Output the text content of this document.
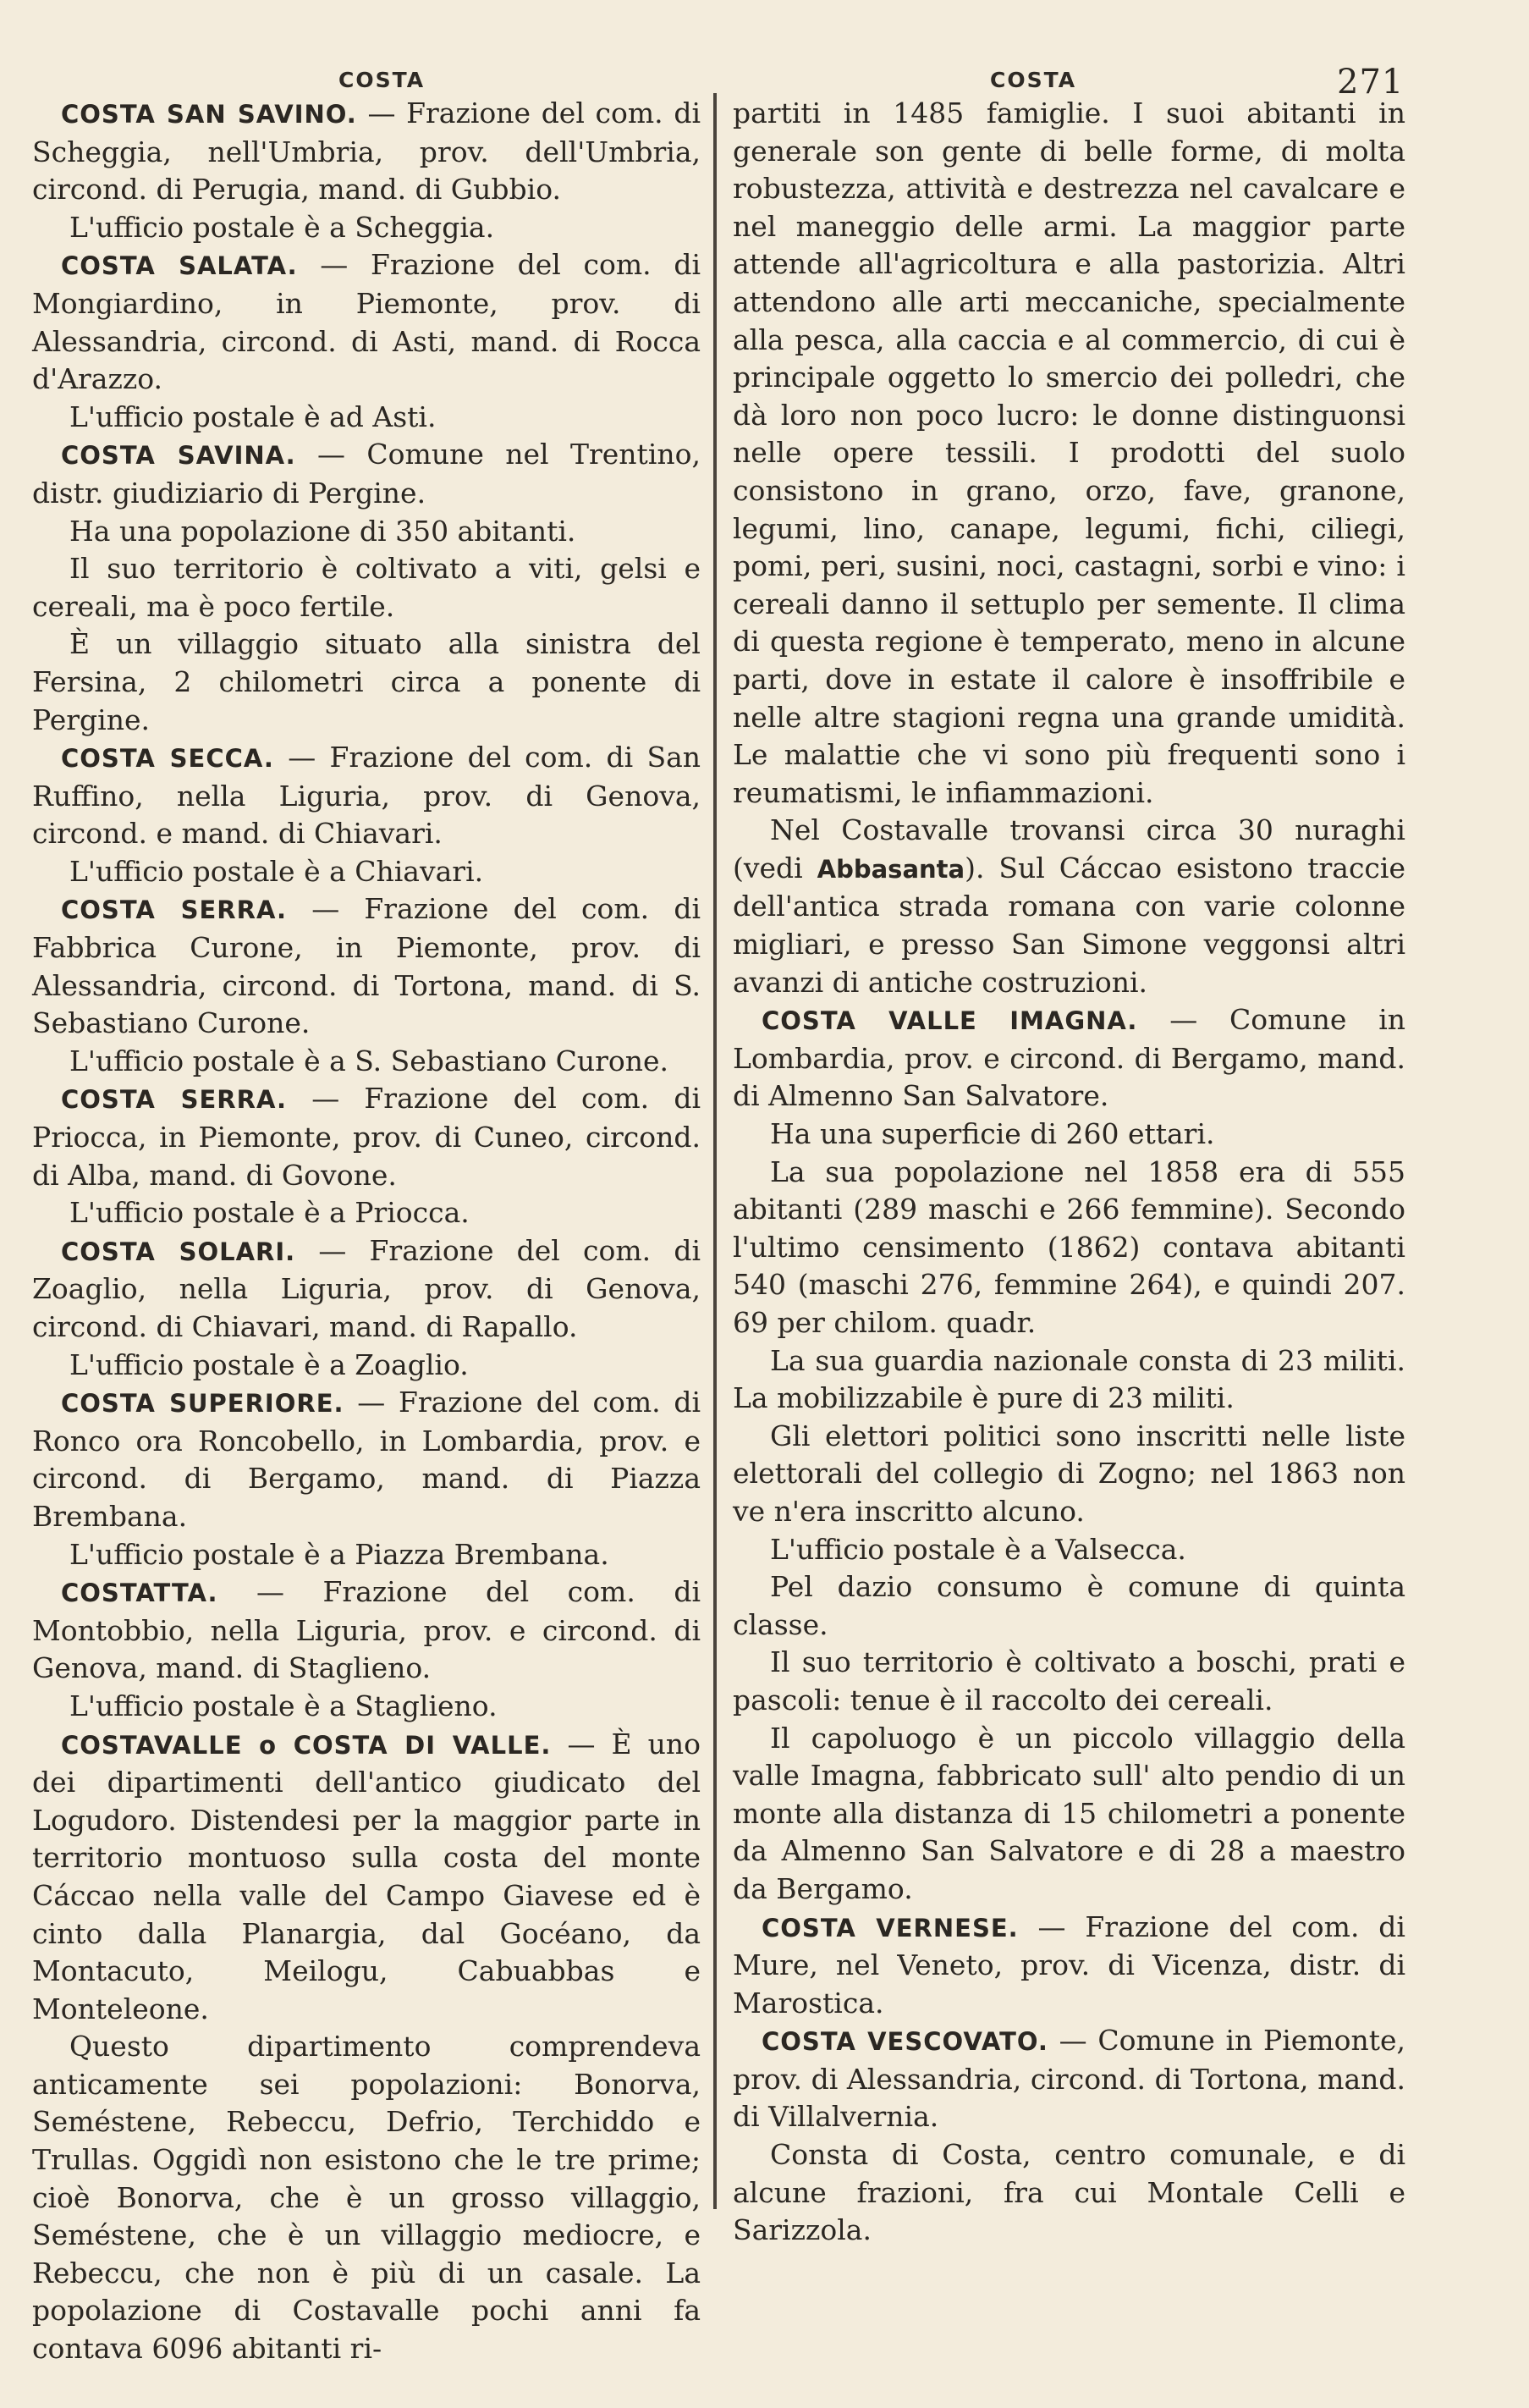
COSTA	COSTA	271

COSTA SAN SAVINO. — Frazione del com. di Scheggia, nell'Umbria, prov. dell'Umbria, circond. di Perugia, mand. di Gubbio.

L'ufficio postale è a Scheggia.

COSTA SALATA. — Frazione del com. di Mongiardino, in Piemonte, prov. di Alessandria, circond. di Asti, mand. di Rocca d'Arazzo.

L'ufficio postale è ad Asti.

COSTA SAVINA. — Comune nel Trentino, distr. giudiziario di Pergine.

Ha una popolazione di 350 abitanti.

Il suo territorio è coltivato a viti, gelsi e cereali, ma è poco fertile.

È un villaggio situato alla sinistra del Fersina, 2 chilometri circa a ponente di Pergine.

COSTA SECCA. — Frazione del com. di San Ruffino, nella Liguria, prov. di Genova, circond. e mand. di Chiavari.

L'ufficio postale è a Chiavari.

COSTA SERRA. — Frazione del com. di Fabbrica Curone, in Piemonte, prov. di Alessandria, circond. di Tortona, mand. di S. Sebastiano Curone.

L'ufficio postale è a S. Sebastiano Curone.

COSTA SERRA. — Frazione del com. di Priocca, in Piemonte, prov. di Cuneo, circond. di Alba, mand. di Govone.

L'ufficio postale è a Priocca.

COSTA SOLARI. — Frazione del com. di Zoaglio, nella Liguria, prov. di Genova, circond. di Chiavari, mand. di Rapallo.

L'ufficio postale è a Zoaglio.

COSTA SUPERIORE. — Frazione del com. di Ronco ora Roncobello, in Lombardia, prov. e circond. di Bergamo, mand. di Piazza Brembana.

L'ufficio postale è a Piazza Brembana.

COSTATTA. — Frazione del com. di Montobbio, nella Liguria, prov. e circond. di Genova, mand. di Staglieno.

L'ufficio postale è a Staglieno.

COSTAVALLE o COSTA DI VALLE. — È uno dei dipartimenti dell'antico giudicato del Logudoro. Distendesi per la maggior parte in territorio montuoso sulla costa del monte Cáccao nella valle del Campo Giavese ed è cinto dalla Planargia, dal Gocéano, da Montacuto, Meilogu, Cabuabbas e Monteleone.

Questo dipartimento comprendeva anticamente sei popolazioni: Bonorva, Seméstene, Rebeccu, Defrio, Terchiddo e Trullas. Oggidì non esistono che le tre prime; cioè Bonorva, che è un grosso villaggio, Seméstene, che è un villaggio mediocre, e Rebeccu, che non è più di un casale. La popolazione di Costavalle pochi anni fa contava 6096 abitanti ri-

partiti in 1485 famiglie. I suoi abitanti in generale son gente di belle forme, di molta robustezza, attività e destrezza nel cavalcare e nel maneggio delle armi. La maggior parte attende all'agricoltura e alla pastorizia. Altri attendono alle arti meccaniche, specialmente alla pesca, alla caccia e al commercio, di cui è principale oggetto lo smercio dei polledri, che dà loro non poco lucro: le donne distinguonsi nelle opere tessili. I prodotti del suolo consistono in grano, orzo, fave, granone, legumi, lino, canape, legumi, fichi, ciliegi, pomi, peri, susini, noci, castagni, sorbi e vino: i cereali danno il settuplo per semente. Il clima di questa regione è temperato, meno in alcune parti, dove in estate il calore è insoffribile e nelle altre stagioni regna una grande umidità. Le malattie che vi sono più frequenti sono i reumatismi, le infiammazioni.

Nel Costavalle trovansi circa 30 nuraghi (vedi Abbasanta). Sul Cáccao esistono traccie dell'antica strada romana con varie colonne migliari, e presso San Simone veggonsi altri avanzi di antiche costruzioni.

COSTA VALLE IMAGNA. — Comune in Lombardia, prov. e circond. di Bergamo, mand. di Almenno San Salvatore.

Ha una superficie di 260 ettari.

La sua popolazione nel 1858 era di 555 abitanti (289 maschi e 266 femmine). Secondo l'ultimo censimento (1862) contava abitanti 540 (maschi 276, femmine 264), e quindi 207. 69 per chilom. quadr.

La sua guardia nazionale consta di 23 militi. La mobilizzabile è pure di 23 militi.

Gli elettori politici sono inscritti nelle liste elettorali del collegio di Zogno; nel 1863 non ve n'era inscritto alcuno.

L'ufficio postale è a Valsecca.

Pel dazio consumo è comune di quinta classe.

Il suo territorio è coltivato a boschi, prati e pascoli: tenue è il raccolto dei cereali.

Il capoluogo è un piccolo villaggio della valle Imagna, fabbricato sull' alto pendio di un monte alla distanza di 15 chilometri a ponente da Almenno San Salvatore e di 28 a maestro da Bergamo.

COSTA VERNESE. — Frazione del com. di Mure, nel Veneto, prov. di Vicenza, distr. di Marostica.

COSTA VESCOVATO. — Comune in Piemonte, prov. di Alessandria, circond. di Tortona, mand. di Villalvernia.

Consta di Costa, centro comunale, e di alcune frazioni, fra cui Montale Celli e Sarizzola.
